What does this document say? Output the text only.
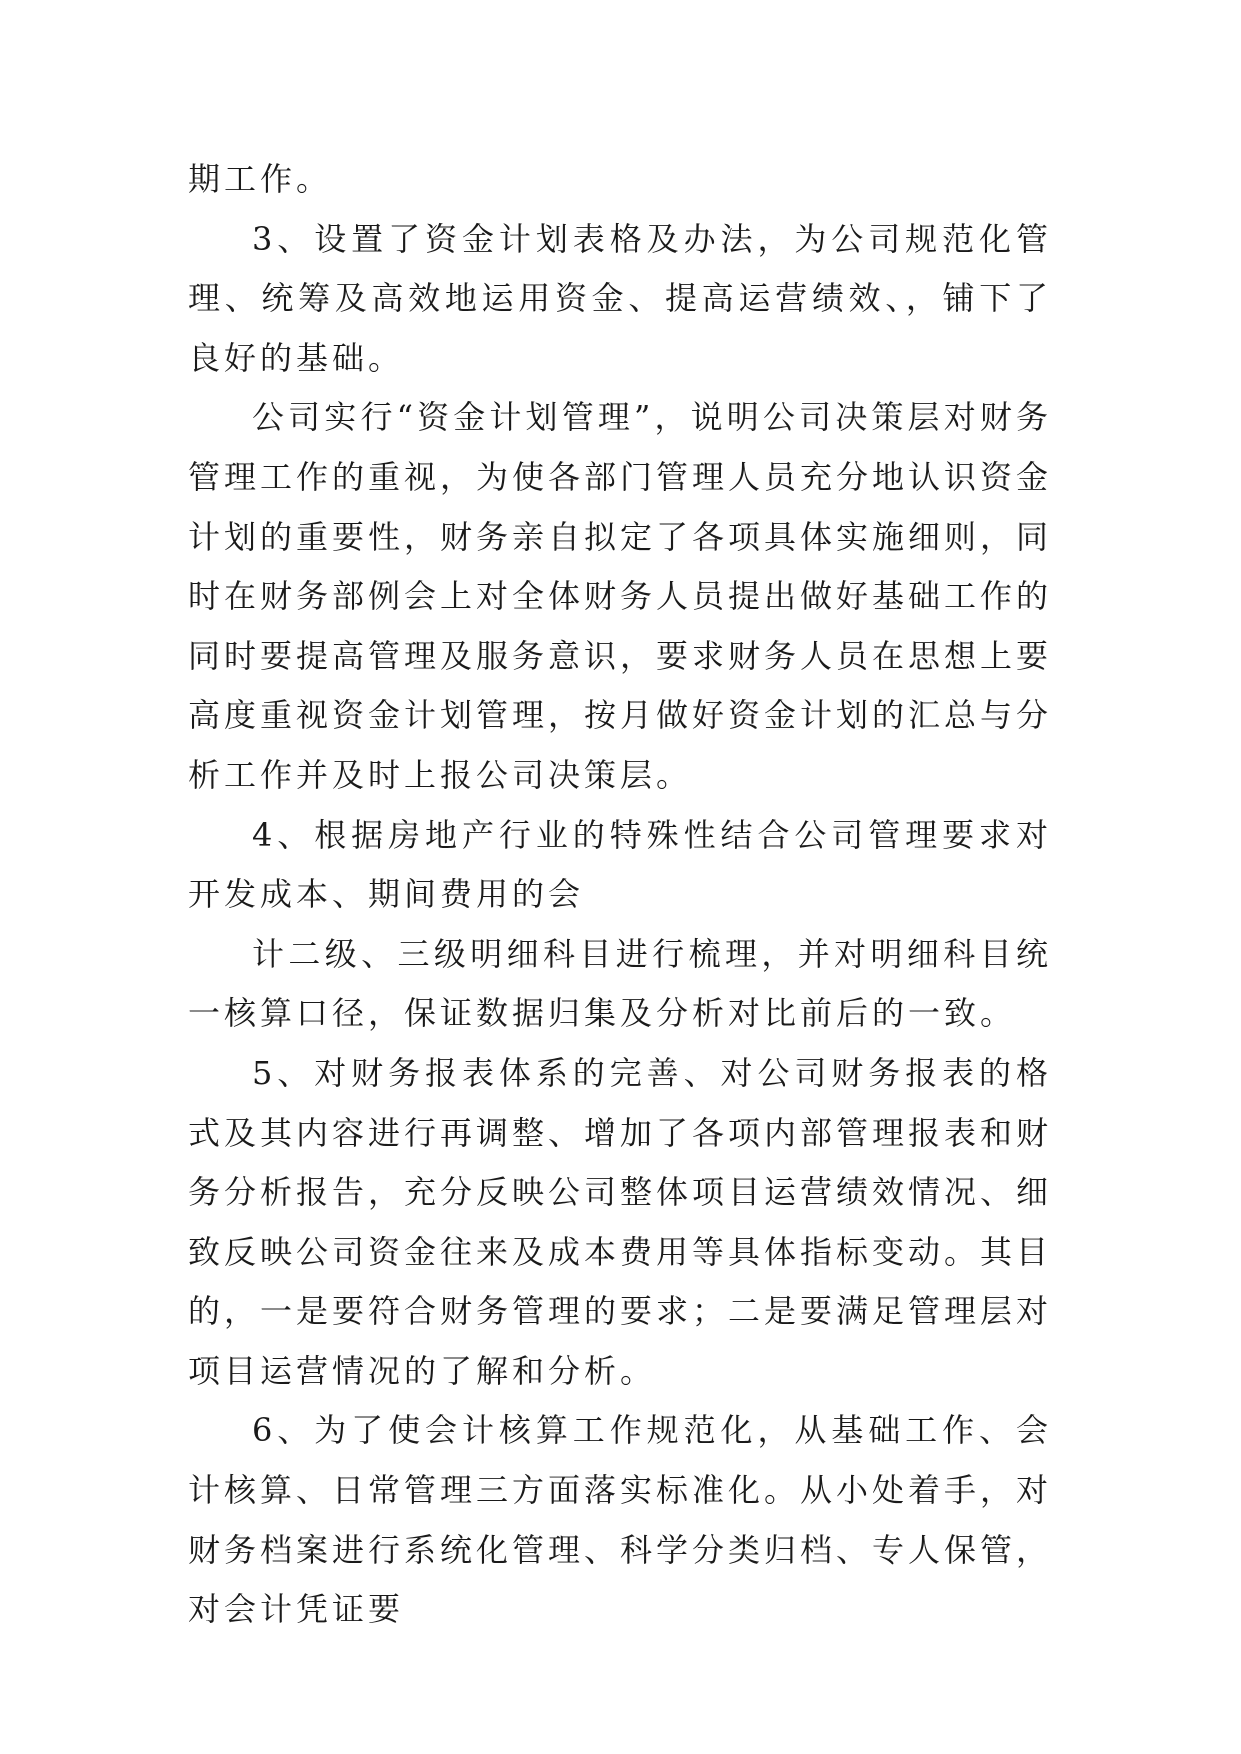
期工作。

3、设置了资金计划表格及办法，为公司规范化管理、统筹及高效地运用资金、提高运营绩效、，铺下了良好的基础。

公司实行“资金计划管理”，说明公司决策层对财务管理工作的重视，为使各部门管理人员充分地认识资金计划的重要性，财务亲自拟定了各项具体实施细则，同时在财务部例会上对全体财务人员提出做好基础工作的同时要提高管理及服务意识，要求财务人员在思想上要高度重视资金计划管理，按月做好资金计划的汇总与分析工作并及时上报公司决策层。

4、根据房地产行业的特殊性结合公司管理要求对开发成本、期间费用的会

计二级、三级明细科目进行梳理，并对明细科目统一核算口径，保证数据归集及分析对比前后的一致。

5、对财务报表体系的完善、对公司财务报表的格式及其内容进行再调整、增加了各项内部管理报表和财务分析报告，充分反映公司整体项目运营绩效情况、细致反映公司资金往来及成本费用等具体指标变动。其目的，一是要符合财务管理的要求；二是要满足管理层对项目运营情况的了解和分析。

6、为了使会计核算工作规范化，从基础工作、会计核算、日常管理三方面落实标准化。从小处着手，对财务档案进行系统化管理、科学分类归档、专人保管，对会计凭证要
